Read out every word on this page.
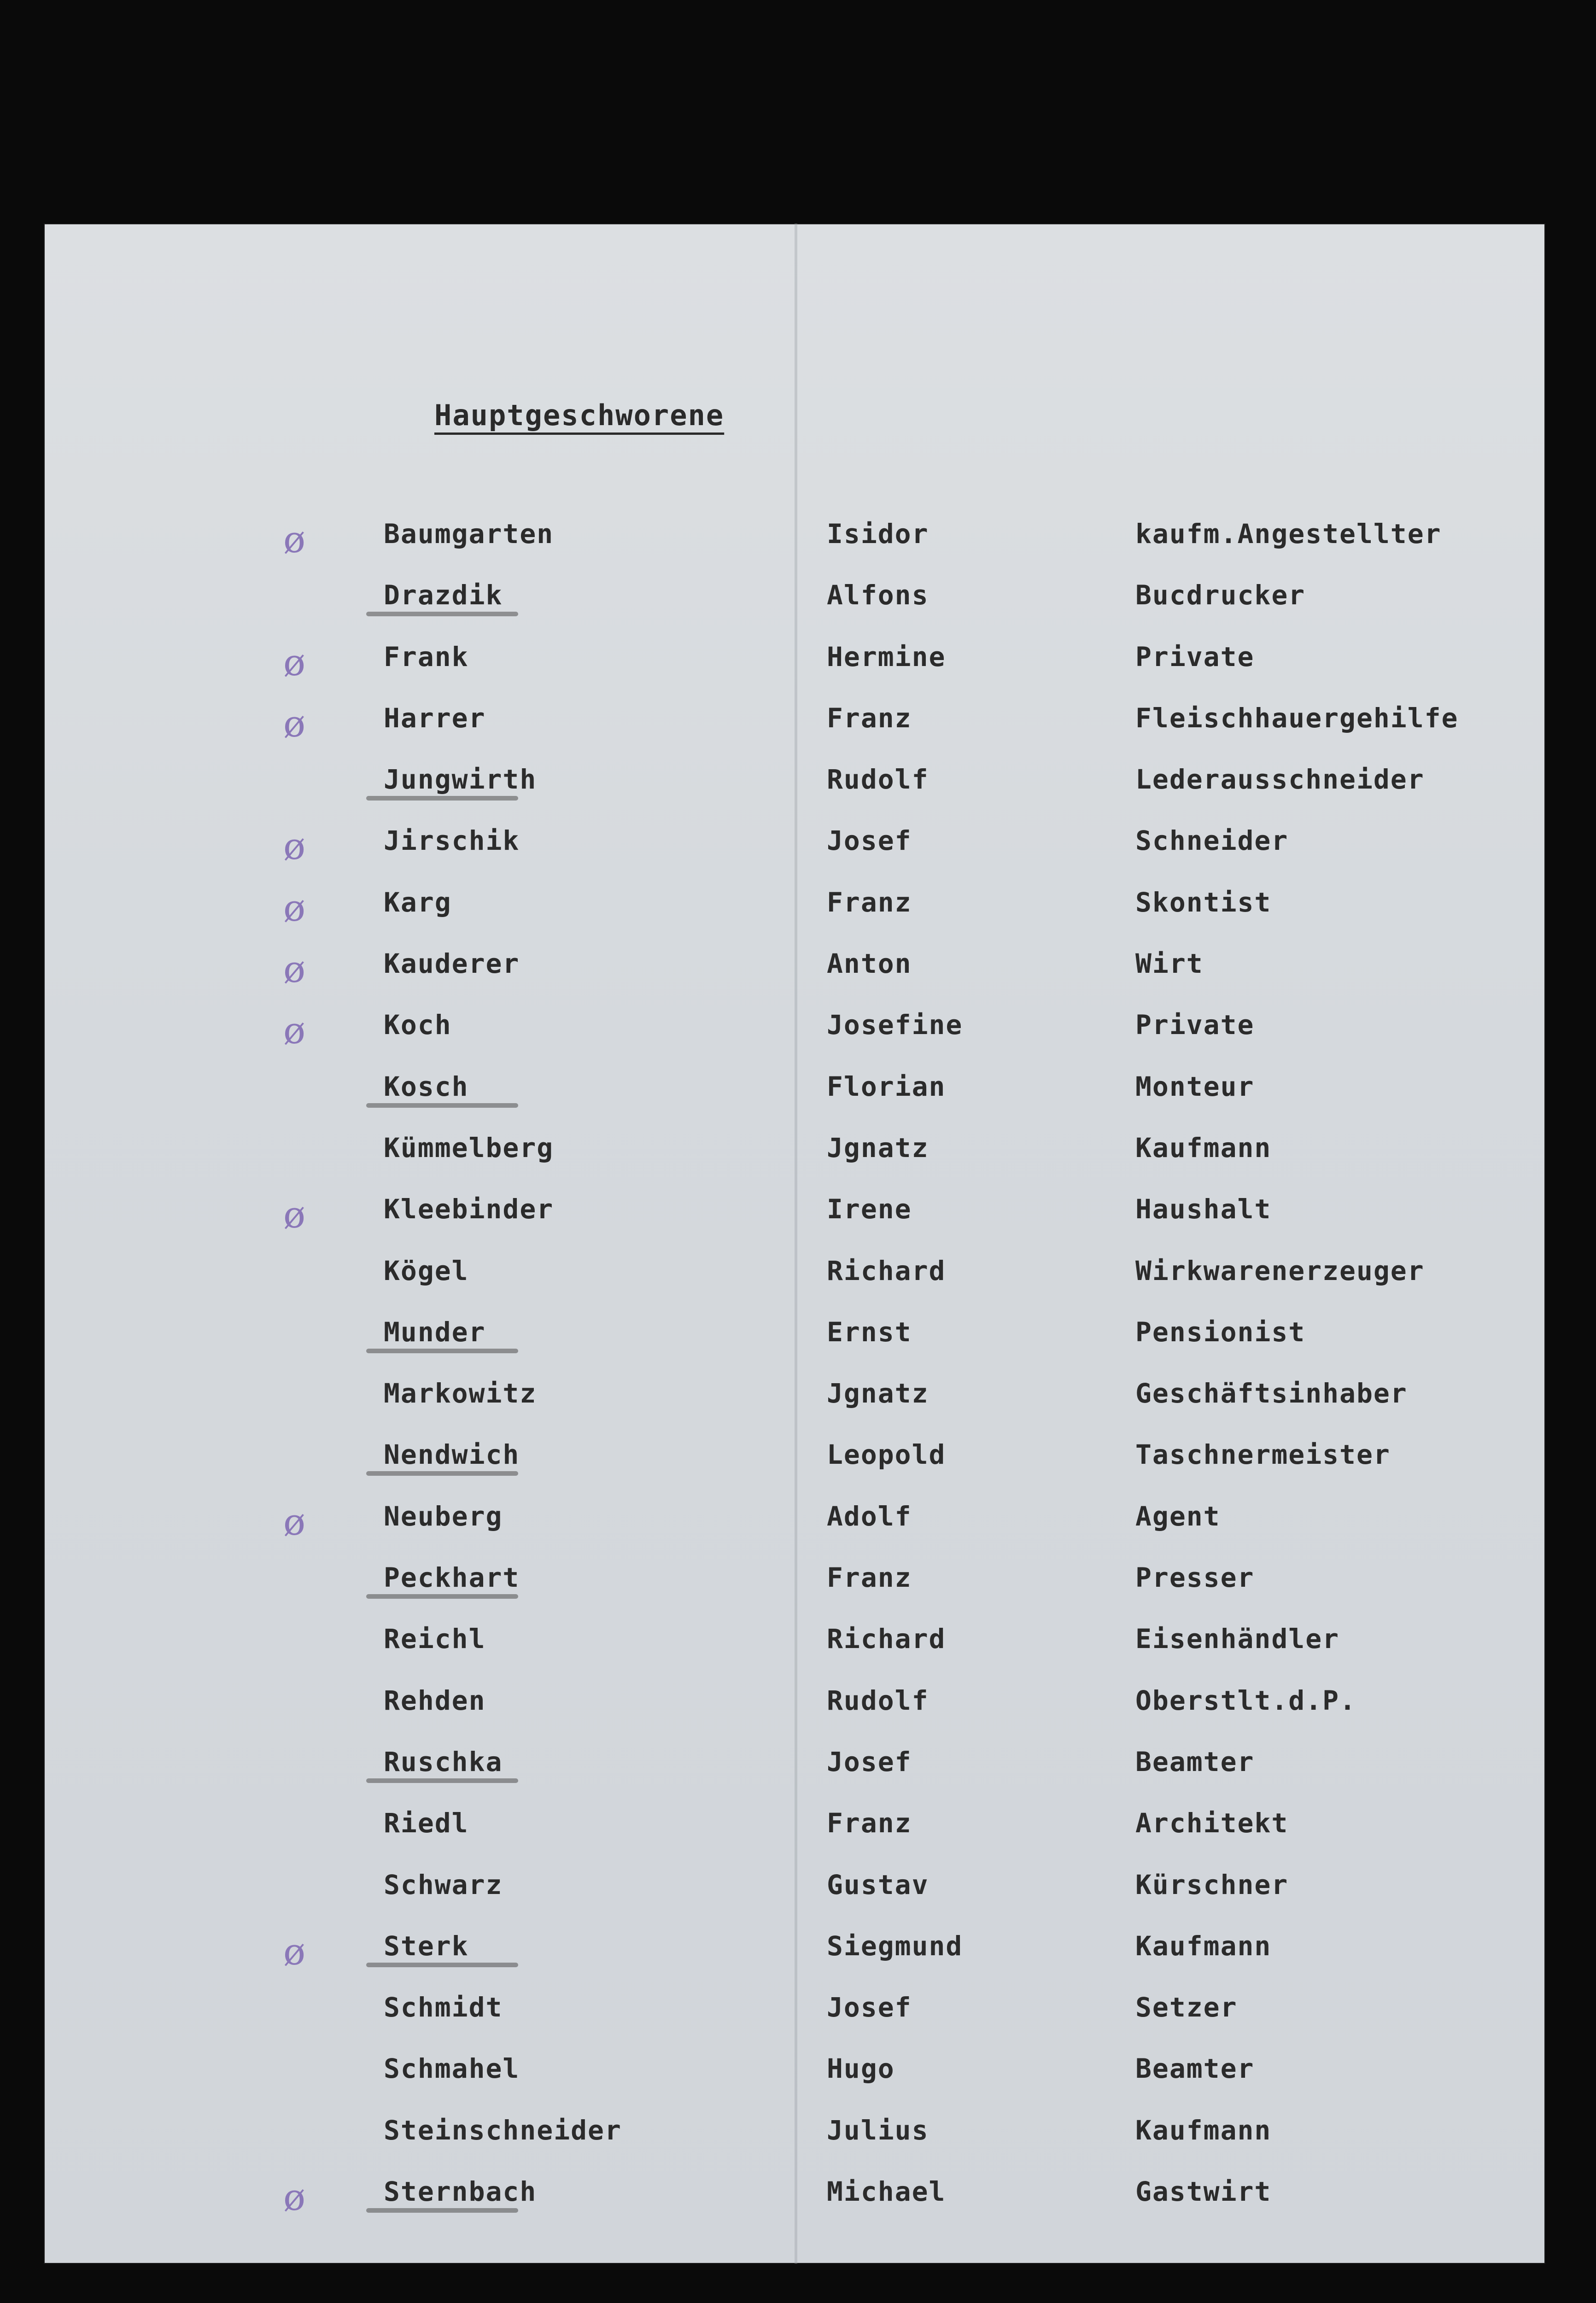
Hauptgeschworene
ø	Baumgarten	Isidor	kaufm.Angestellter
Drazdik	Alfons	Bucdrucker
ø	Frank	Hermine	Private
ø	Harrer	Franz	Fleischhauergehilfe
Jungwirth	Rudolf	Lederausschneider
ø	Jirschik	Josef	Schneider
ø	Karg	Franz	Skontist
ø	Kauderer	Anton	Wirt
ø	Koch	Josefine	Private
Kosch	Florian	Monteur
Kümmelberg	Jgnatz	Kaufmann
ø	Kleebinder	Irene	Haushalt
Kögel	Richard	Wirkwarenerzeuger
Munder	Ernst	Pensionist
Markowitz	Jgnatz	Geschäftsinhaber
Nendwich	Leopold	Taschnermeister
ø	Neuberg	Adolf	Agent
Peckhart	Franz	Presser
Reichl	Richard	Eisenhändler
Rehden	Rudolf	Oberstlt.d.P.
Ruschka	Josef	Beamter
Riedl	Franz	Architekt
Schwarz	Gustav	Kürschner
ø	Sterk	Siegmund	Kaufmann
Schmidt	Josef	Setzer
Schmahel	Hugo	Beamter
Steinschneider	Julius	Kaufmann
ø	Sternbach	Michael	Gastwirt
